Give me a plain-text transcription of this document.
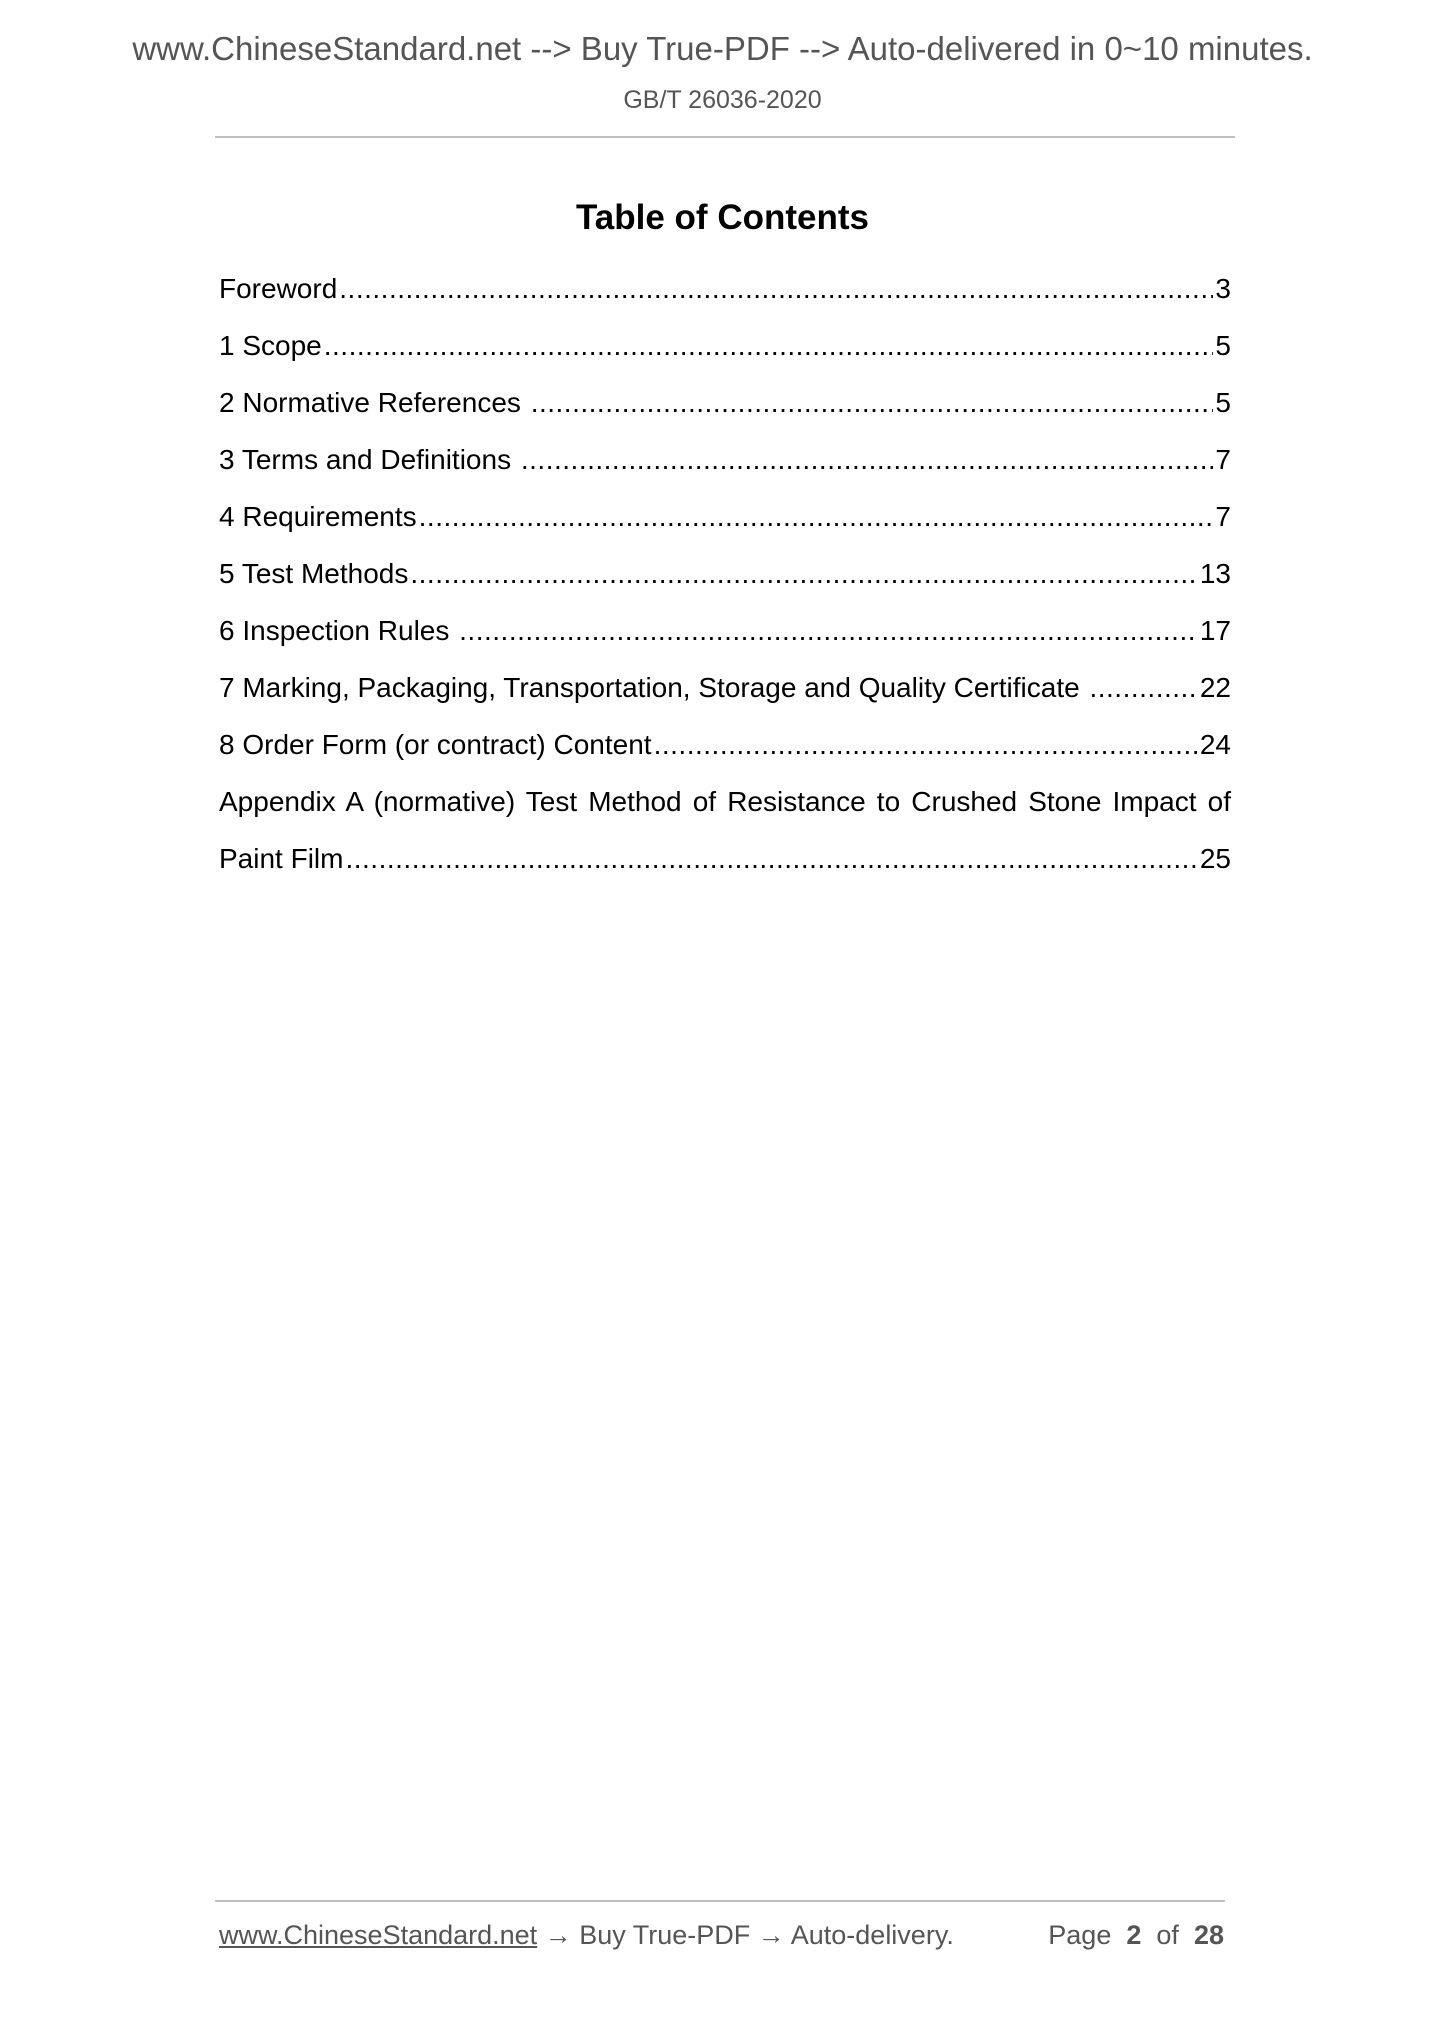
www.ChineseStandard.net --> Buy True-PDF --> Auto-delivered in 0~10 minutes.
GB/T 26036-2020
Table of Contents
Foreword .....	3
1 Scope .....	5
2 Normative References .....	5
3 Terms and Definitions .....	7
4 Requirements .....	7
5 Test Methods .....	13
6 Inspection Rules .....	17
7 Marking, Packaging, Transportation, Storage and Quality Certificate .....	22
8 Order Form (or contract) Content .....	24
Appendix A (normative) Test Method of Resistance to Crushed Stone Impact of
Paint Film .....	25
www.ChineseStandard.net → Buy True-PDF → Auto-delivery.	Page 2 of 28
